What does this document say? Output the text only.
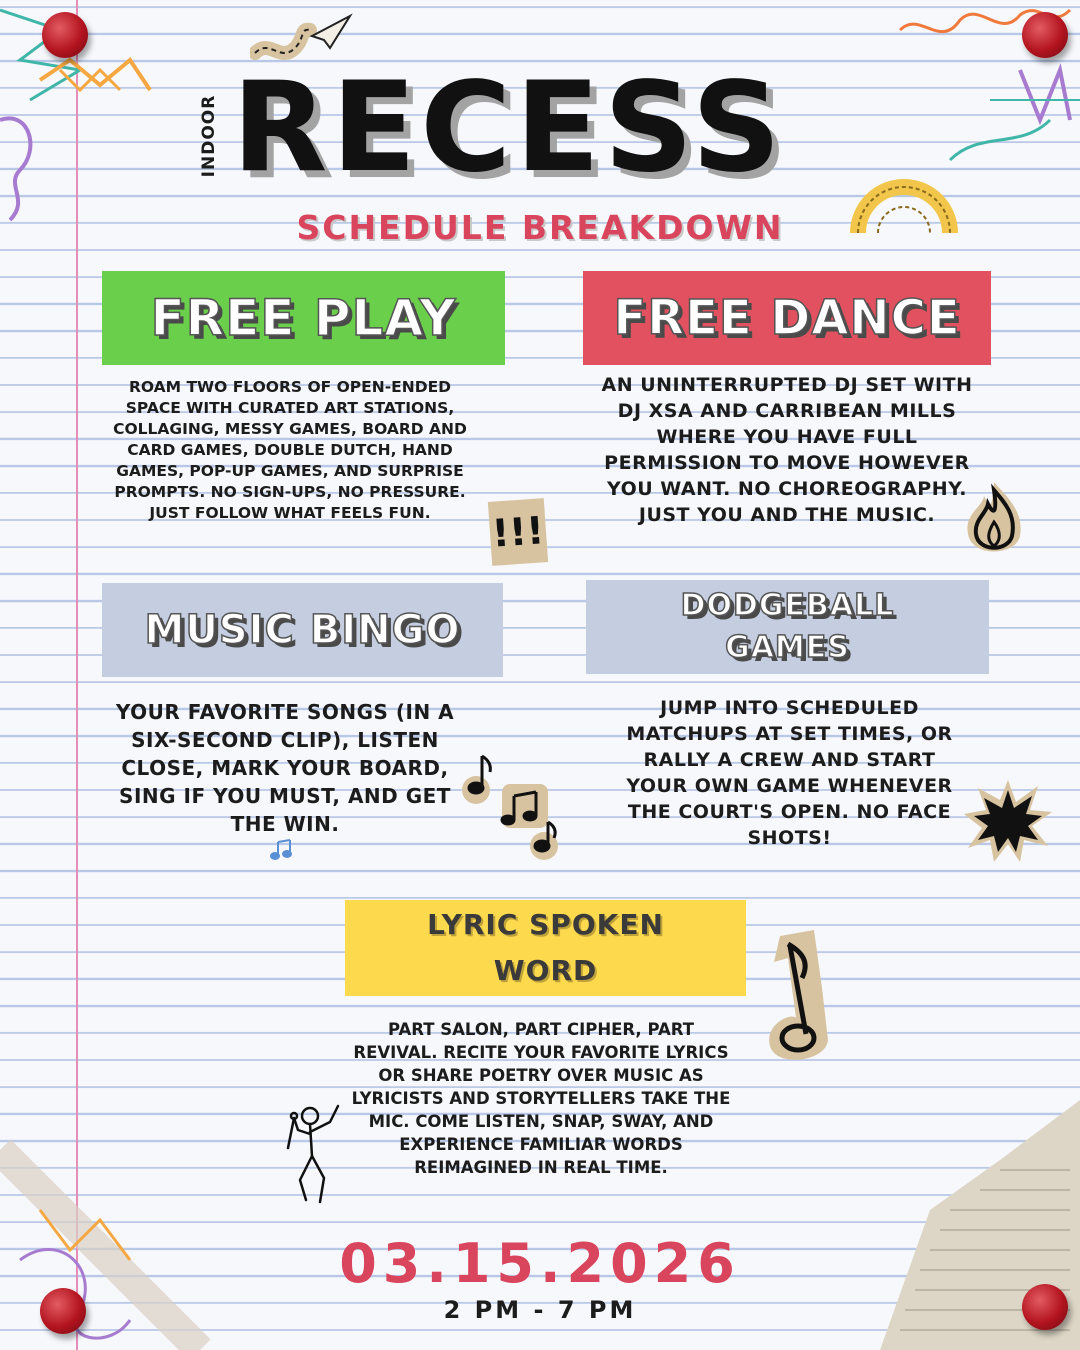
INDOOR RECESS
SCHEDULE BREAKDOWN
FREE PLAY
ROAM TWO FLOORS OF OPEN-ENDED SPACE WITH CURATED ART STATIONS, COLLAGING, MESSY GAMES, BOARD AND CARD GAMES, DOUBLE DUTCH, HAND GAMES, POP-UP GAMES, AND SURPRISE PROMPTS. NO SIGN-UPS, NO PRESSURE. JUST FOLLOW WHAT FEELS FUN.	!!!
FREE DANCE
AN UNINTERRUPTED DJ SET WITH DJ XSA AND CARRIBEAN MILLS WHERE YOU HAVE FULL PERMISSION TO MOVE HOWEVER YOU WANT. NO CHOREOGRAPHY. JUST YOU AND THE MUSIC.
MUSIC BINGO
YOUR FAVORITE SONGS (IN A SIX-SECOND CLIP), LISTEN CLOSE, MARK YOUR BOARD, SING IF YOU MUST, AND GET THE WIN.
DODGEBALL
GAMES
JUMP INTO SCHEDULED MATCHUPS AT SET TIMES, OR RALLY A CREW AND START YOUR OWN GAME WHENEVER THE COURT'S OPEN. NO FACE SHOTS!
LYRIC SPOKEN
WORD
PART SALON, PART CIPHER, PART REVIVAL. RECITE YOUR FAVORITE LYRICS OR SHARE POETRY OVER MUSIC AS LYRICISTS AND STORYTELLERS TAKE THE MIC. COME LISTEN, SNAP, SWAY, AND EXPERIENCE FAMILIAR WORDS REIMAGINED IN REAL TIME.
03.15.2026
2 PM - 7 PM
